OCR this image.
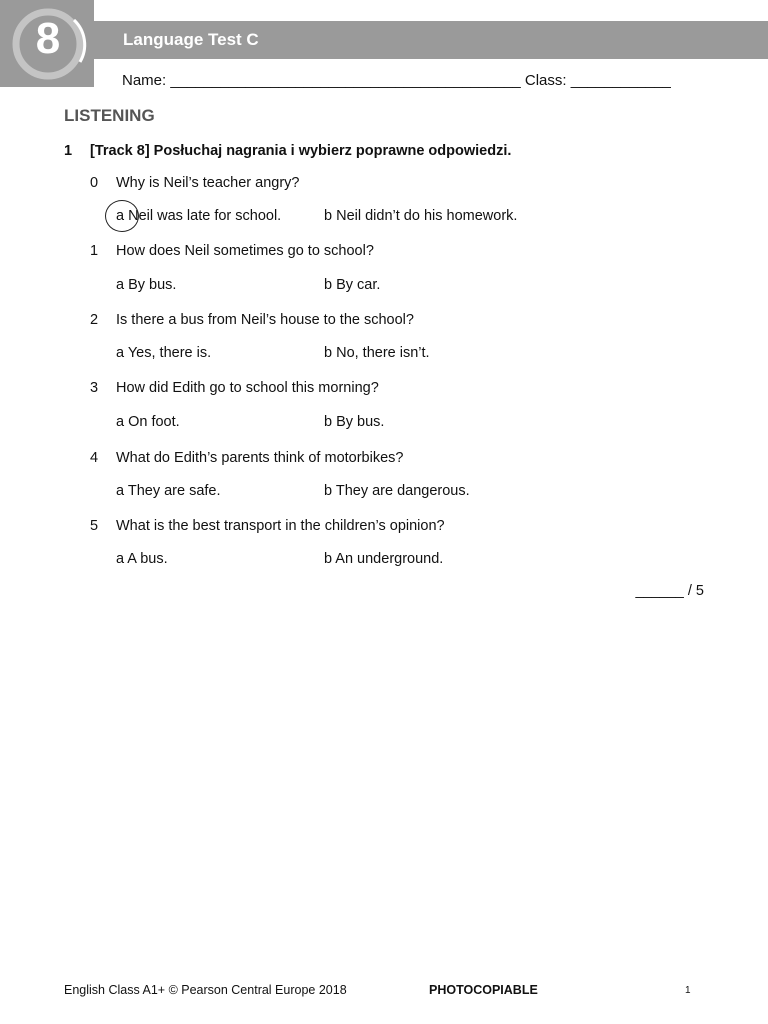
8	Language Test C
Name: __________________________________________ Class: ____________
LISTENING
1 [Track 8] Posłuchaj nagrania i wybierz poprawne odpowiedzi.
0 Why is Neil’s teacher angry?
a Neil was late for school.	b Neil didn’t do his homework.
1 How does Neil sometimes go to school?
a By bus.	b By car.
2 Is there a bus from Neil’s house to the school?
a Yes, there is.	b No, there isn’t.
3 How did Edith go to school this morning?
a On foot.	b By bus.
4 What do Edith’s parents think of motorbikes?
a They are safe.	b They are dangerous.
5 What is the best transport in the children’s opinion?
a A bus.	b An underground.
______ / 5
English Class A1+ © Pearson Central Europe 2018	PHOTOCOPIABLE	1
